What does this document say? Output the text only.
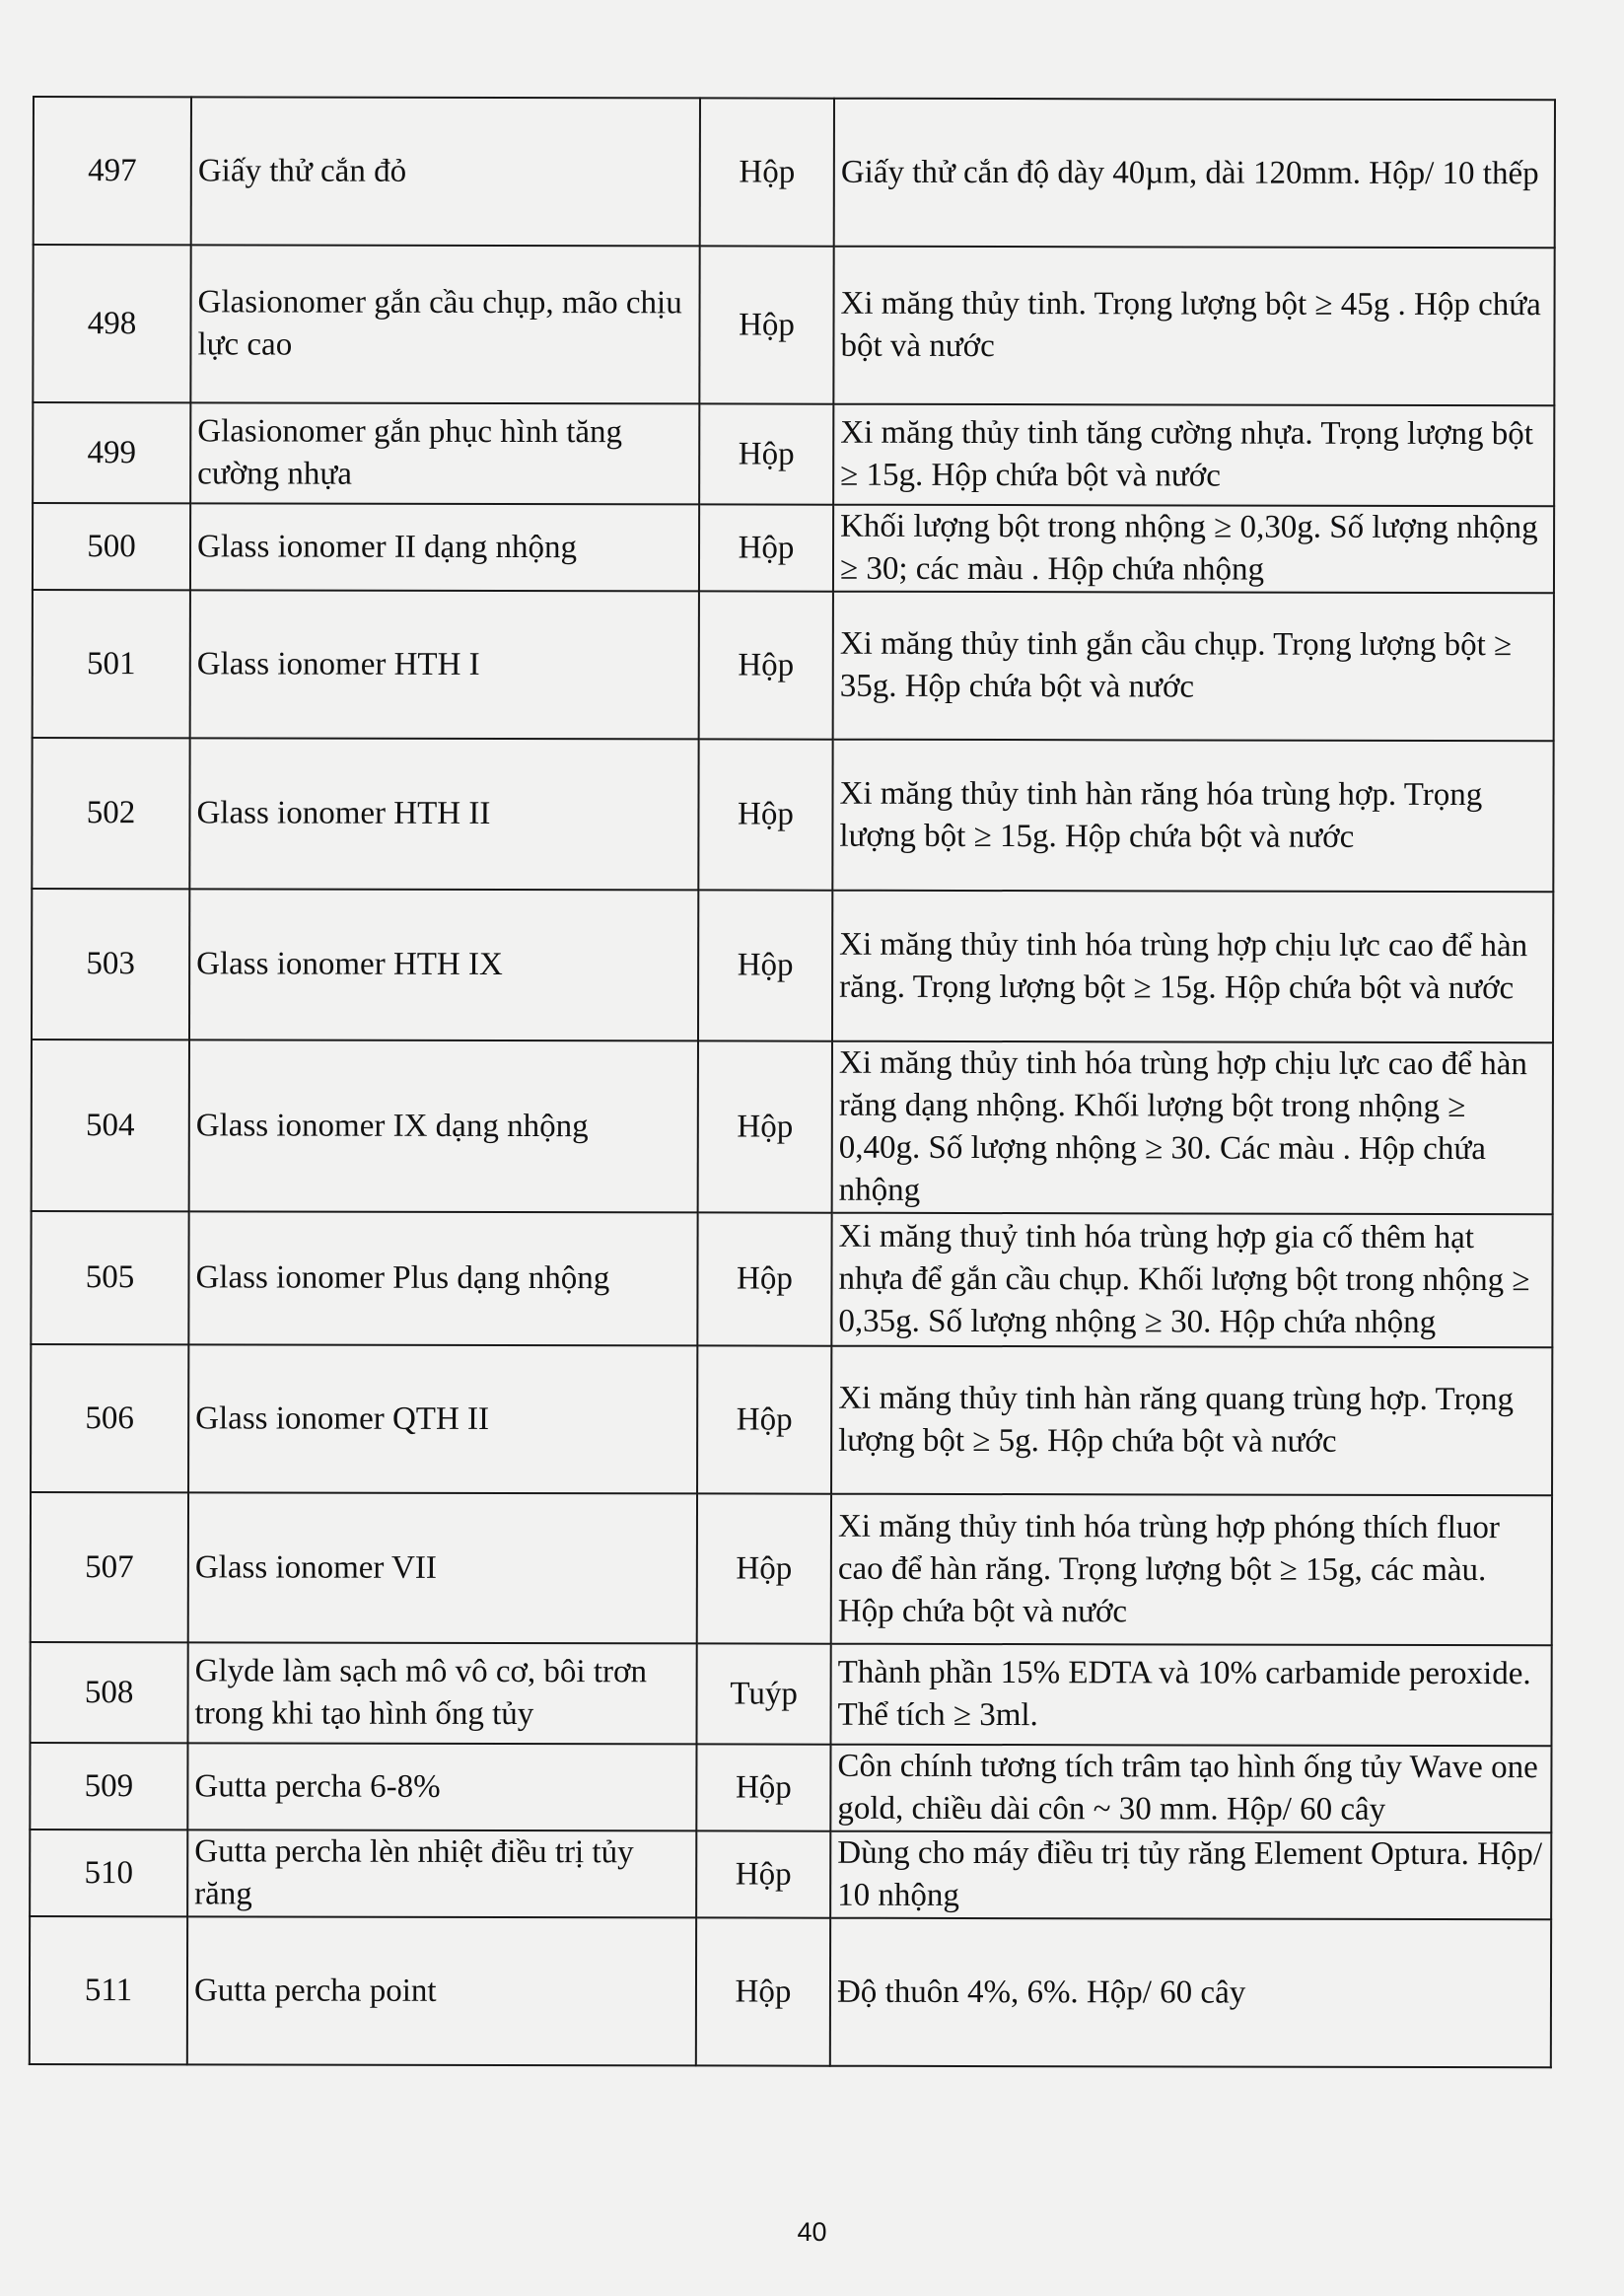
497	Giấy thử cắn đỏ	Hộp	Giấy thử cắn độ dày 40µm, dài 120mm. Hộp/ 10 thếp
498	Glasionomer gắn cầu chụp, mão chịu lực cao	Hộp	Xi măng thủy tinh. Trọng lượng bột ≥ 45g . Hộp chứa bột và nước
499	Glasionomer gắn phục hình tăng cường nhựa	Hộp	Xi măng thủy tinh tăng cường nhựa. Trọng lượng bột ≥ 15g. Hộp chứa bột và nước
500	Glass ionomer II dạng nhộng	Hộp	Khối lượng bột trong nhộng ≥ 0,30g. Số lượng nhộng ≥ 30; các màu . Hộp chứa nhộng
501	Glass ionomer HTH I	Hộp	Xi măng thủy tinh gắn cầu chụp. Trọng lượng bột ≥ 35g. Hộp chứa bột và nước
502	Glass ionomer HTH II	Hộp	Xi măng thủy tinh hàn răng hóa trùng hợp. Trọng lượng bột ≥ 15g. Hộp chứa bột và nước
503	Glass ionomer HTH IX	Hộp	Xi măng thủy tinh hóa trùng hợp chịu lực cao để hàn răng. Trọng lượng bột ≥ 15g. Hộp chứa bột và nước
504	Glass ionomer IX dạng nhộng	Hộp	Xi măng thủy tinh hóa trùng hợp chịu lực cao để hàn răng dạng nhộng. Khối lượng bột trong nhộng ≥ 0,40g. Số lượng nhộng ≥ 30. Các màu . Hộp chứa nhộng
505	Glass ionomer Plus dạng nhộng	Hộp	Xi măng thuỷ tinh hóa trùng hợp gia cố thêm hạt nhựa để gắn cầu chụp. Khối lượng bột trong nhộng ≥ 0,35g. Số lượng nhộng ≥ 30. Hộp chứa nhộng
506	Glass ionomer QTH II	Hộp	Xi măng thủy tinh hàn răng quang trùng hợp. Trọng lượng bột ≥ 5g. Hộp chứa bột và nước
507	Glass ionomer VII	Hộp	Xi măng thủy tinh hóa trùng hợp phóng thích fluor cao để hàn răng. Trọng lượng bột ≥ 15g, các màu. Hộp chứa bột và nước
508	Glyde làm sạch mô vô cơ, bôi trơn trong khi tạo hình ống tủy	Tuýp	Thành phần 15% EDTA và 10% carbamide peroxide. Thể tích ≥ 3ml.
509	Gutta percha 6-8%	Hộp	Côn chính tương tích trâm tạo hình ống tủy Wave one gold, chiều dài côn ~ 30 mm. Hộp/ 60 cây
510	Gutta percha lèn nhiệt điều trị tủy răng	Hộp	Dùng cho máy điều trị tủy răng Element Optura. Hộp/ 10 nhộng
511	Gutta percha point	Hộp	Độ thuôn 4%, 6%. Hộp/ 60 cây
40
